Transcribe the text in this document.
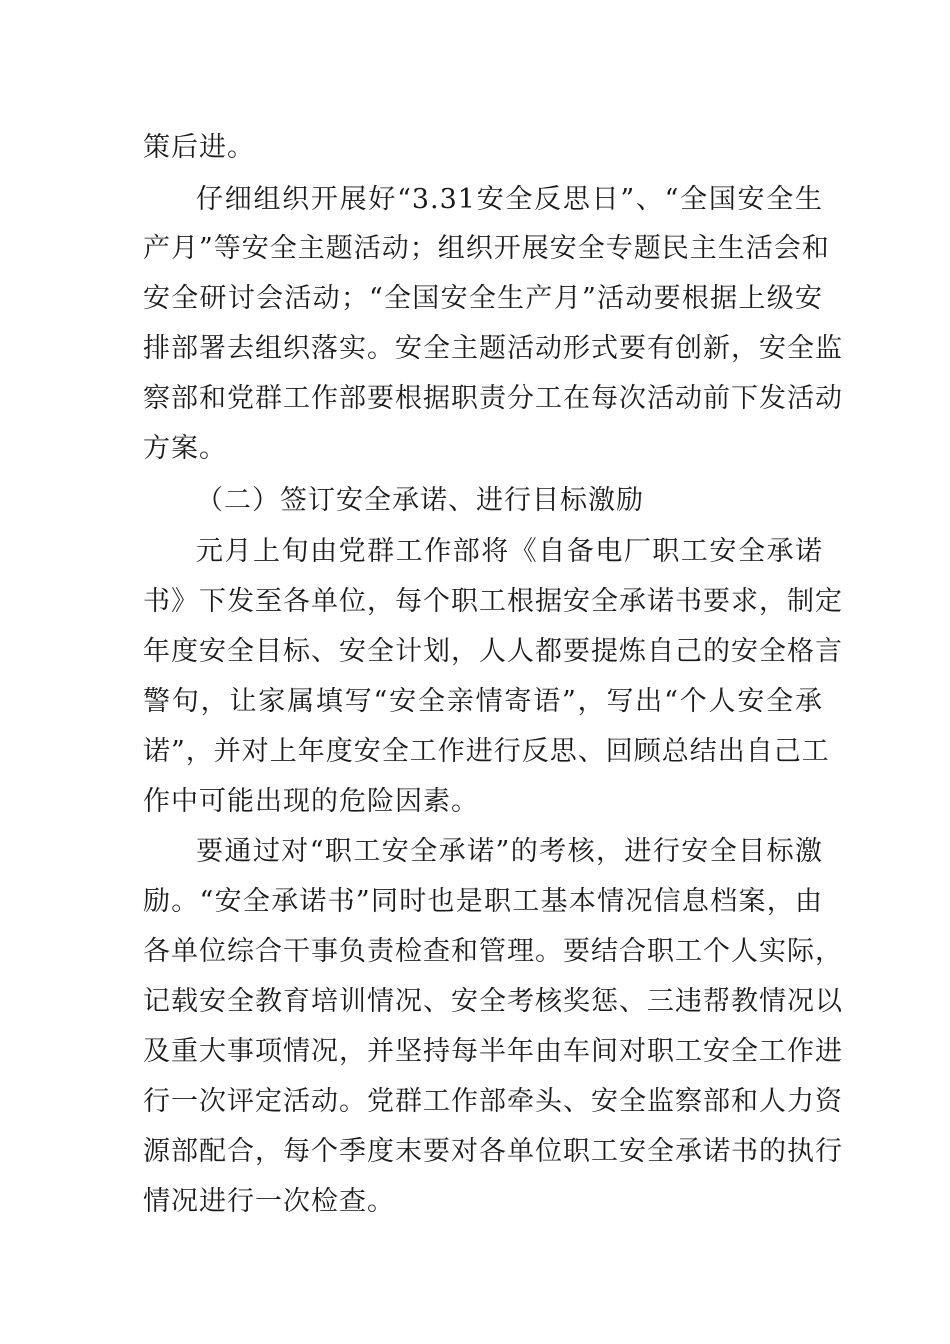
策后进。
仔细组织开展好“3.31安全反思日”、“全国安全生
产月”等安全主题活动；组织开展安全专题民主生活会和
安全研讨会活动；“全国安全生产月”活动要根据上级安
排部署去组织落实。安全主题活动形式要有创新，安全监
察部和党群工作部要根据职责分工在每次活动前下发活动
方案。
（二）签订安全承诺、进行目标激励
元月上旬由党群工作部将《自备电厂职工安全承诺
书》下发至各单位，每个职工根据安全承诺书要求，制定
年度安全目标、安全计划，人人都要提炼自己的安全格言
警句，让家属填写“安全亲情寄语”，写出“个人安全承
诺”，并对上年度安全工作进行反思、回顾总结出自己工
作中可能出现的危险因素。
要通过对“职工安全承诺”的考核，进行安全目标激
励。“安全承诺书”同时也是职工基本情况信息档案，由
各单位综合干事负责检查和管理。要结合职工个人实际，
记载安全教育培训情况、安全考核奖惩、三违帮教情况以
及重大事项情况，并坚持每半年由车间对职工安全工作进
行一次评定活动。党群工作部牵头、安全监察部和人力资
源部配合，每个季度末要对各单位职工安全承诺书的执行
情况进行一次检查。
